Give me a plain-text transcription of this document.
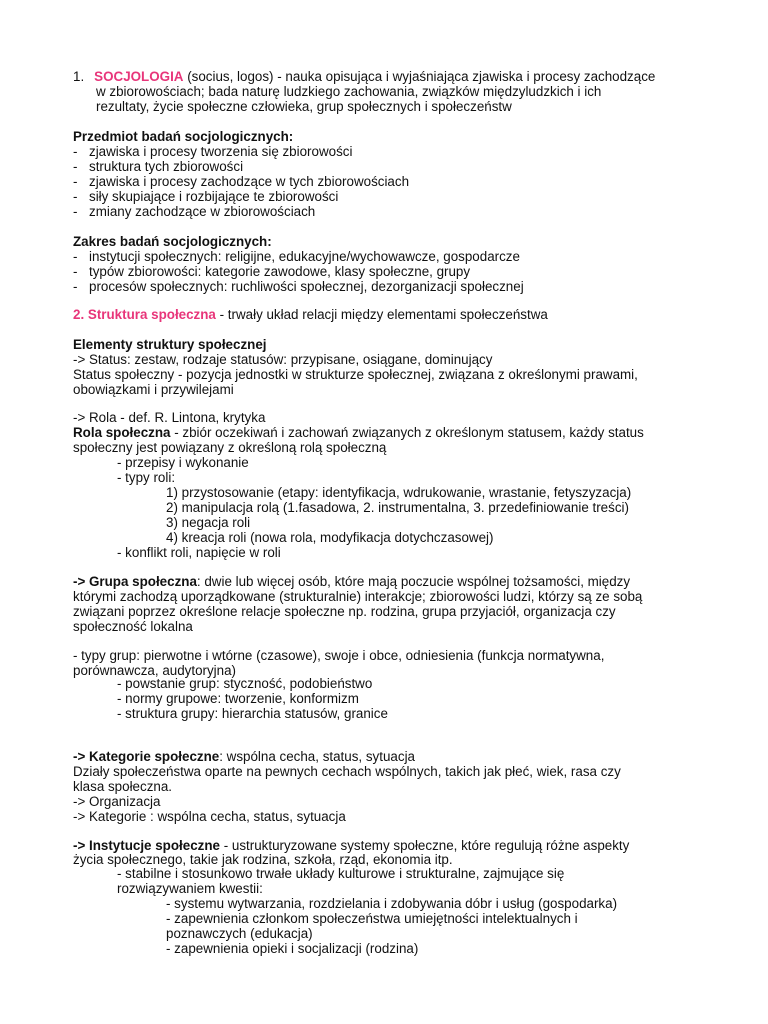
1. SOCJOLOGIA (socius, logos) - nauka opisująca i wyjaśniająca zjawiska i procesy zachodzące
w zbiorowościach; bada naturę ludzkiego zachowania, związków międzyludzkich i ich
rezultaty, życie społeczne człowieka, grup społecznych i społeczeństw
Przedmiot badań socjologicznych:
- zjawiska i procesy tworzenia się zbiorowości
- struktura tych zbiorowości
- zjawiska i procesy zachodzące w tych zbiorowościach
- siły skupiające i rozbijające te zbiorowości
- zmiany zachodzące w zbiorowościach
Zakres badań socjologicznych:
- instytucji społecznych: religijne, edukacyjne/wychowawcze, gospodarcze
- typów zbiorowości: kategorie zawodowe, klasy społeczne, grupy
- procesów społecznych: ruchliwości społecznej, dezorganizacji społecznej
2. Struktura społeczna - trwały układ relacji między elementami społeczeństwa
Elementy struktury społecznej
-> Status: zestaw, rodzaje statusów: przypisane, osiągane, dominujący
Status społeczny - pozycja jednostki w strukturze społecznej, związana z określonymi prawami,
obowiązkami i przywilejami
-> Rola - def. R. Lintona, krytyka
Rola społeczna - zbiór oczekiwań i zachowań związanych z określonym statusem, każdy status
społeczny jest powiązany z określoną rolą społeczną
- przepisy i wykonanie
- typy roli:
1) przystosowanie (etapy: identyfikacja, wdrukowanie, wrastanie, fetyszyzacja)
2) manipulacja rolą (1.fasadowa, 2. instrumentalna, 3. przedefiniowanie treści)
3) negacja roli
4) kreacja roli (nowa rola, modyfikacja dotychczasowej)
- konflikt roli, napięcie w roli
-> Grupa społeczna: dwie lub więcej osób, które mają poczucie wspólnej tożsamości, między
którymi zachodzą uporządkowane (strukturalnie) interakcje; zbiorowości ludzi, którzy są ze sobą
związani poprzez określone relacje społeczne np. rodzina, grupa przyjaciół, organizacja czy
społeczność lokalna
- typy grup: pierwotne i wtórne (czasowe), swoje i obce, odniesienia (funkcja normatywna,
porównawcza, audytoryjna)
- powstanie grup: styczność, podobieństwo
- normy grupowe: tworzenie, konformizm
- struktura grupy: hierarchia statusów, granice
-> Kategorie społeczne: wspólna cecha, status, sytuacja
Działy społeczeństwa oparte na pewnych cechach wspólnych, takich jak płeć, wiek, rasa czy
klasa społeczna.
-> Organizacja
-> Kategorie : wspólna cecha, status, sytuacja
-> Instytucje społeczne - ustrukturyzowane systemy społeczne, które regulują różne aspekty
życia społecznego, takie jak rodzina, szkoła, rząd, ekonomia itp.
- stabilne i stosunkowo trwałe układy kulturowe i strukturalne, zajmujące się
rozwiązywaniem kwestii:
- systemu wytwarzania, rozdzielania i zdobywania dóbr i usług (gospodarka)
- zapewnienia członkom społeczeństwa umiejętności intelektualnych i
poznawczych (edukacja)
- zapewnienia opieki i socjalizacji (rodzina)
